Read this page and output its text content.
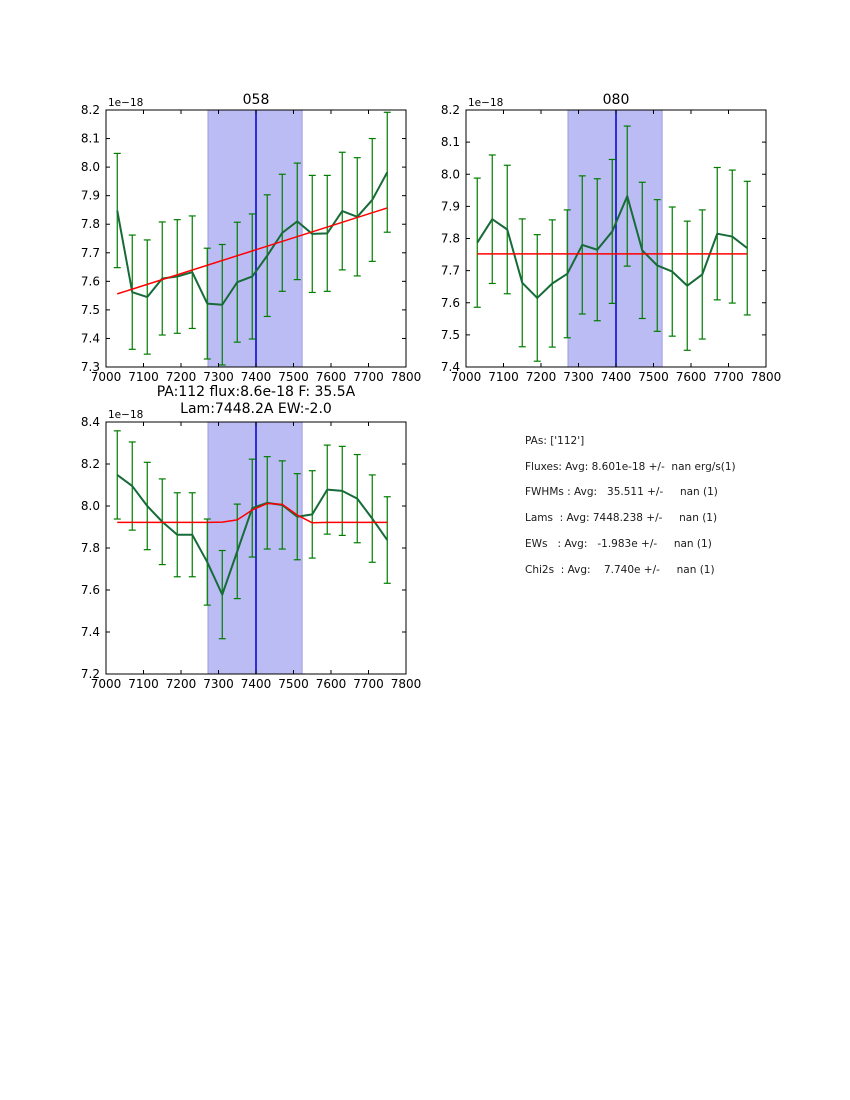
7000 7100 7200 7300 7400 7500 7600 7700 7800
8.2
8.1
8.0
7.9
7.8
7.7
7.6
7.5
7.4
7.3
058
1e−18
7000 7100 7200 7300 7400 7500 7600 7700 7800
8.2
8.1
8.0
7.9
7.8
7.7
7.6
7.5
7.4
080
1e−18
7000 7100 7200 7300 7400 7500 7600 7700 7800
8.4
8.2
8.0
7.8
7.6
7.4
7.2
PA:112 flux:8.6e-18 F: 35.5A
Lam:7448.2A EW:-2.0
1e−18
PAs: ['112']
Fluxes: Avg: 8.601e-18 +/-  nan erg/s(1)
FWHMs : Avg:   35.511 +/-     nan (1)
Lams  : Avg: 7448.238 +/-     nan (1)
EWs   : Avg:   -1.983e +/-     nan (1)
Chi2s  : Avg:    7.740e +/-     nan (1)
